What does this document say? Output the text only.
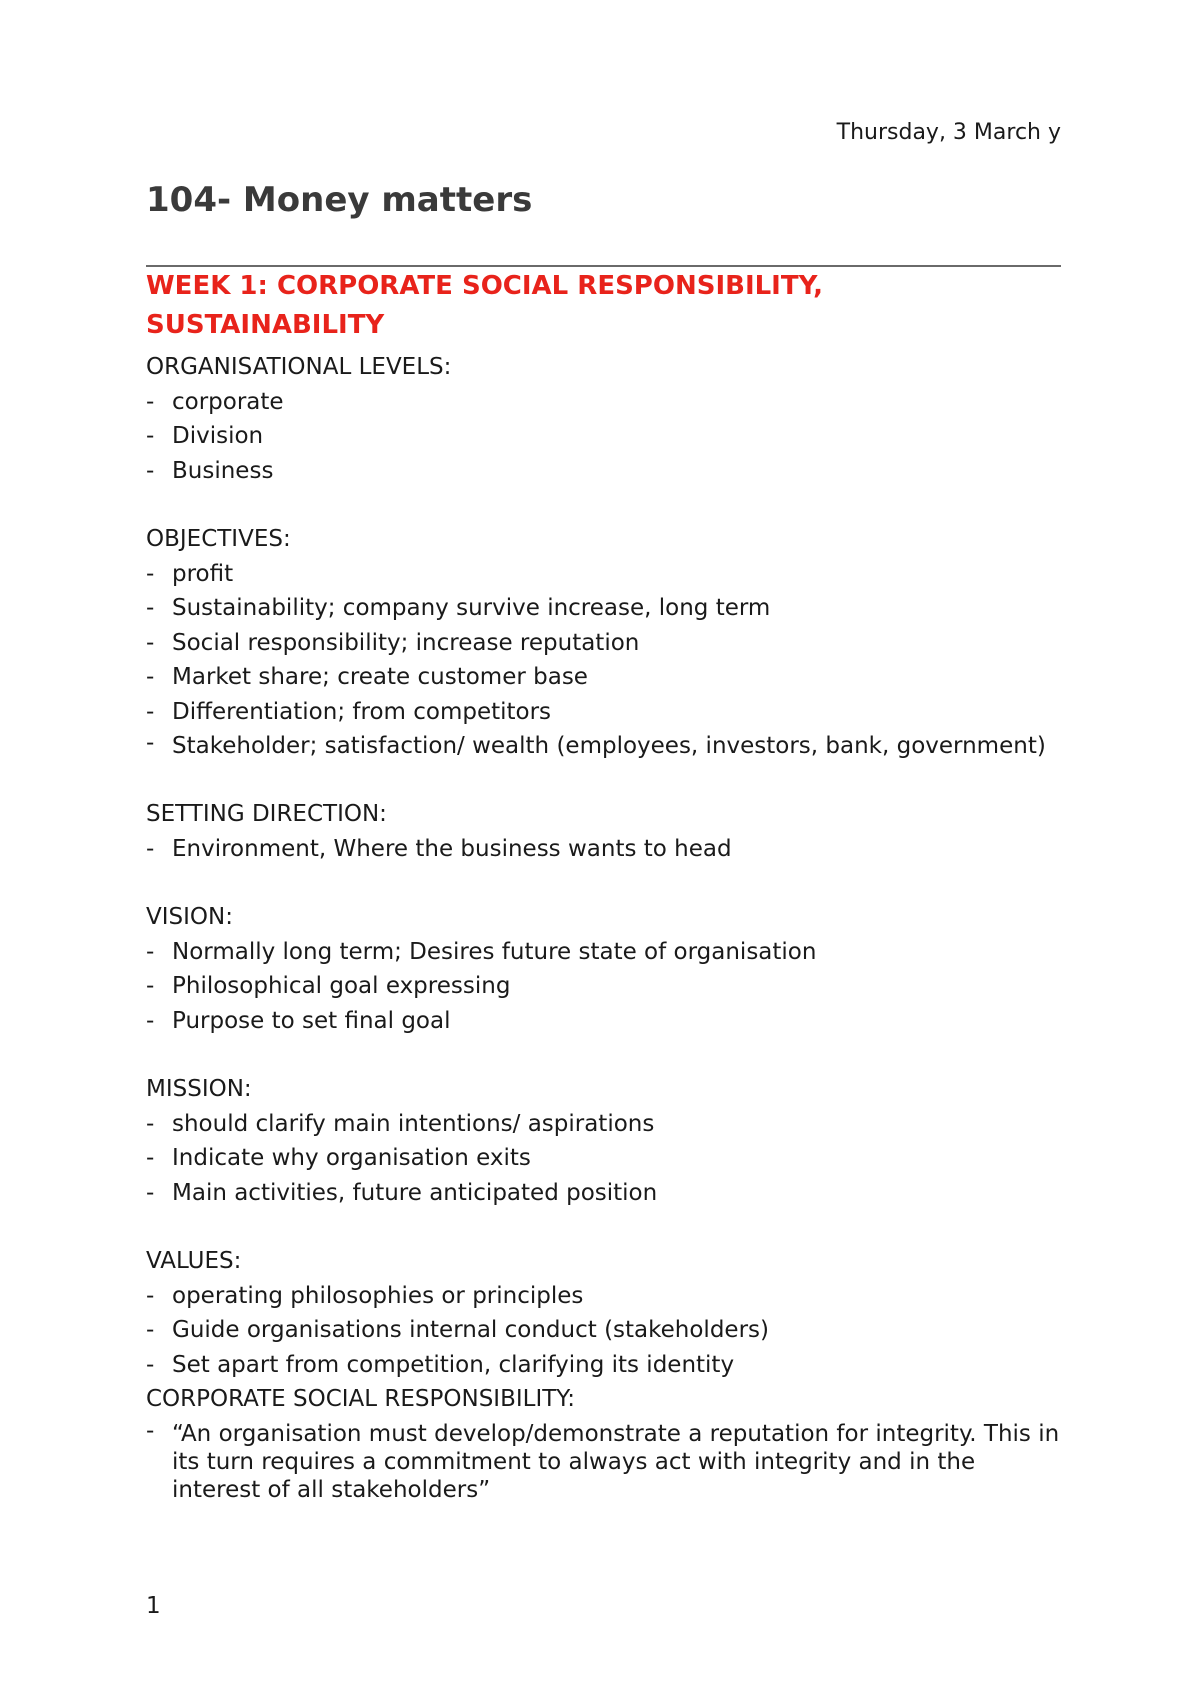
Thursday, 3 March y
104- Money matters
WEEK 1: CORPORATE SOCIAL RESPONSIBILITY, SUSTAINABILITY
ORGANISATIONAL LEVELS:
- corporate
- Division
- Business
OBJECTIVES:
- profit
- Sustainability; company survive increase, long term
- Social responsibility; increase reputation
- Market share; create customer base
- Differentiation; from competitors
- Stakeholder; satisfaction/ wealth (employees, investors, bank, government)
SETTING DIRECTION:
- Environment, Where the business wants to head
VISION:
- Normally long term; Desires future state of organisation
- Philosophical goal expressing
- Purpose to set final goal
MISSION:
- should clarify main intentions/ aspirations
- Indicate why organisation exits
- Main activities, future anticipated position
VALUES:
- operating philosophies or principles
- Guide organisations internal conduct (stakeholders)
- Set apart from competition, clarifying its identity
CORPORATE SOCIAL RESPONSIBILITY:
- “An organisation must develop/demonstrate a reputation for integrity. This in its turn requires a commitment to always act with integrity and in the interest of all stakeholders”
1
